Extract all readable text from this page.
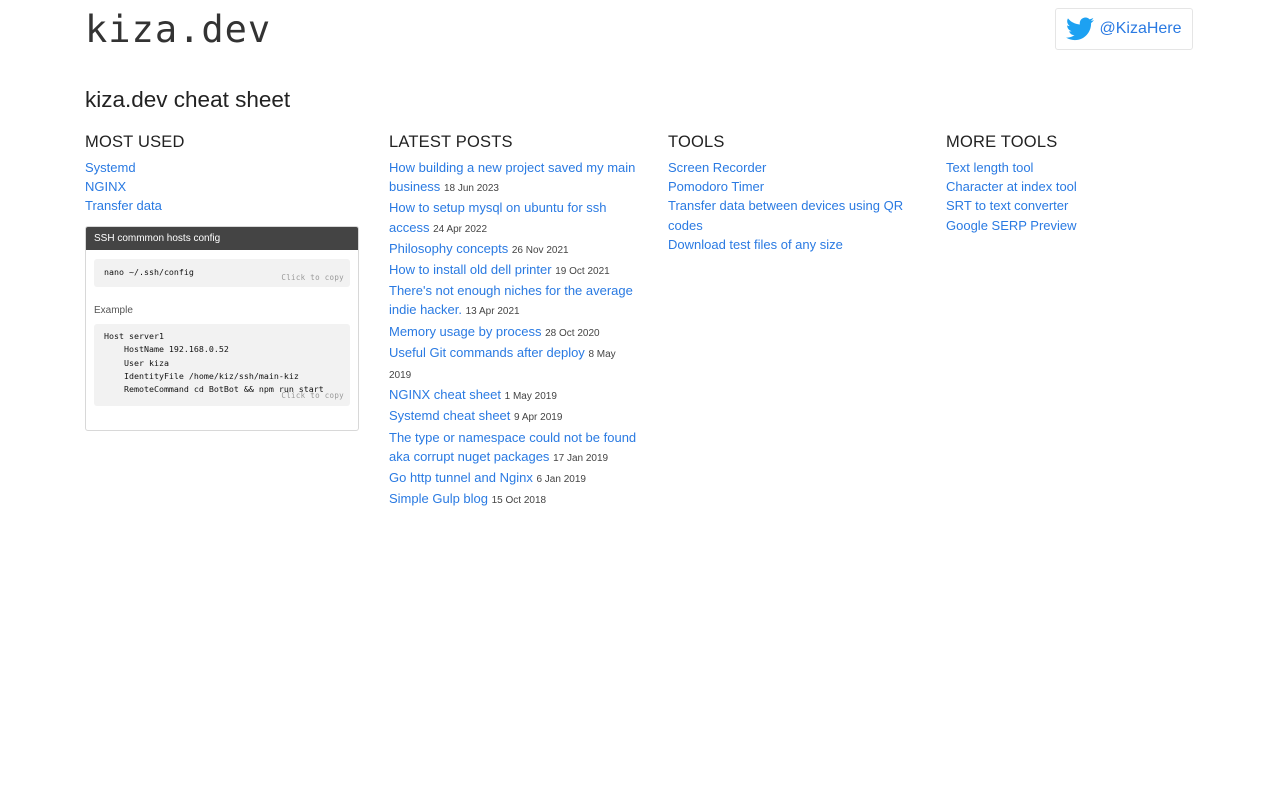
kiza.dev	@KizaHere
kiza.dev cheat sheet
MOST USED
Systemd
NGINX
Transfer data
SSH commmon hosts config
nano ~/.ssh/config
Click to copy
Example
Host server1
HostName 192.168.0.52
User kiza
IdentityFile /home/kiz/ssh/main-kiz
RemoteCommand cd BotBot && npm run start
Click to copy
LATEST POSTS
How building a new project saved my main business 18 Jun 2023
How to setup mysql on ubuntu for ssh access 24 Apr 2022
Philosophy concepts 26 Nov 2021
How to install old dell printer 19 Oct 2021
There's not enough niches for the average indie hacker. 13 Apr 2021
Memory usage by process 28 Oct 2020
Useful Git commands after deploy 8 May 2019
NGINX cheat sheet 1 May 2019
Systemd cheat sheet 9 Apr 2019
The type or namespace could not be found aka corrupt nuget packages 17 Jan 2019
Go http tunnel and Nginx 6 Jan 2019
Simple Gulp blog 15 Oct 2018
TOOLS
Screen Recorder
Pomodoro Timer
Transfer data between devices using QR codes
Download test files of any size
MORE TOOLS
Text length tool
Character at index tool
SRT to text converter
Google SERP Preview
